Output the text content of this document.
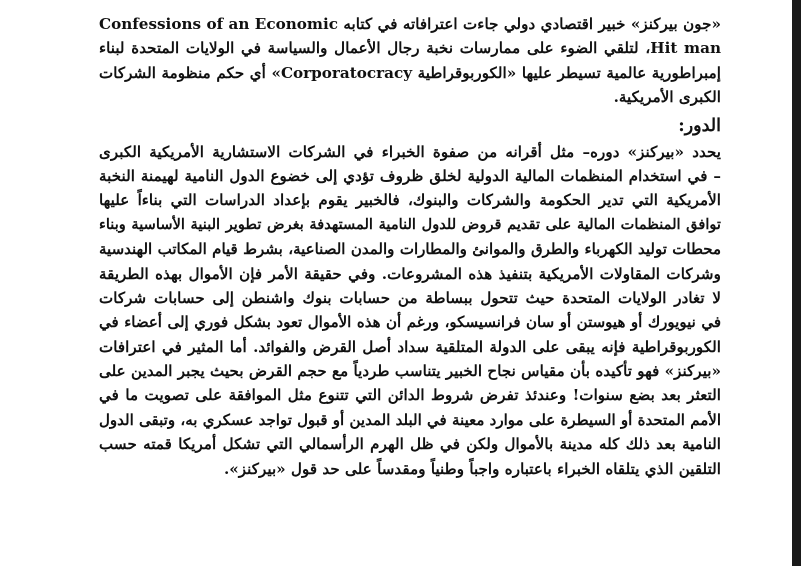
«جون بيركنز» خبير اقتصادي دولي جاءت اعترافاته في كتابه Confessions of an Economic
Hit man، لتلقي الضوء على ممارسات نخبة رجال الأعمال والسياسة في الولايات المتحدة لبناء
إمبراطورية عالمية تسيطر عليها «الكوربوقراطية Corporatocracy» أي حكم منظومة الشركات
الكبرى الأمريكية.
الدور:
يحدد «بيركنز» دوره– مثل أقرانه من صفوة الخبراء في الشركات الاستشارية الأمريكية الكبرى
– في استخدام المنظمات المالية الدولية لخلق ظروف تؤدي إلى خضوع الدول النامية لهيمنة النخبة
الأمريكية التي تدير الحكومة والشركات والبنوك، فالخبير يقوم بإعداد الدراسات التي بناءاً عليها
توافق المنظمات المالية على تقديم قروض للدول النامية المستهدفة بغرض تطوير البنية الأساسية وبناء
محطات توليد الكهرباء والطرق والموانئ والمطارات والمدن الصناعية، بشرط قيام المكاتب الهندسية
وشركات المقاولات الأمريكية بتنفيذ هذه المشروعات. وفي حقيقة الأمر فإن الأموال بهذه الطريقة
لا تغادر الولايات المتحدة حيث تتحول ببساطة من حسابات بنوك واشنطن إلى حسابات شركات
في نيويورك أو هيوستن أو سان فرانسيسكو، ورغم أن هذه الأموال تعود بشكل فوري إلى أعضاء في
الكوربوقراطية فإنه يبقى على الدولة المتلقية سداد أصل القرض والفوائد. أما المثير في اعترافات
«بيركنز» فهو تأكيده بأن مقياس نجاح الخبير يتناسب طردياً مع حجم القرض بحيث يجبر المدين على
التعثر بعد بضع سنوات! وعندئذ تفرض شروط الدائن التي تتنوع مثل الموافقة على تصويت ما في
الأمم المتحدة أو السيطرة على موارد معينة في البلد المدين أو قبول تواجد عسكري به، وتبقى الدول
النامية بعد ذلك كله مدينة بالأموال ولكن في ظل الهرم الرأسمالي التي تشكل أمريكا قمته حسب
التلقين الذي يتلقاه الخبراء باعتباره واجباً وطنياً ومقدساً على حد قول «بيركنز».
